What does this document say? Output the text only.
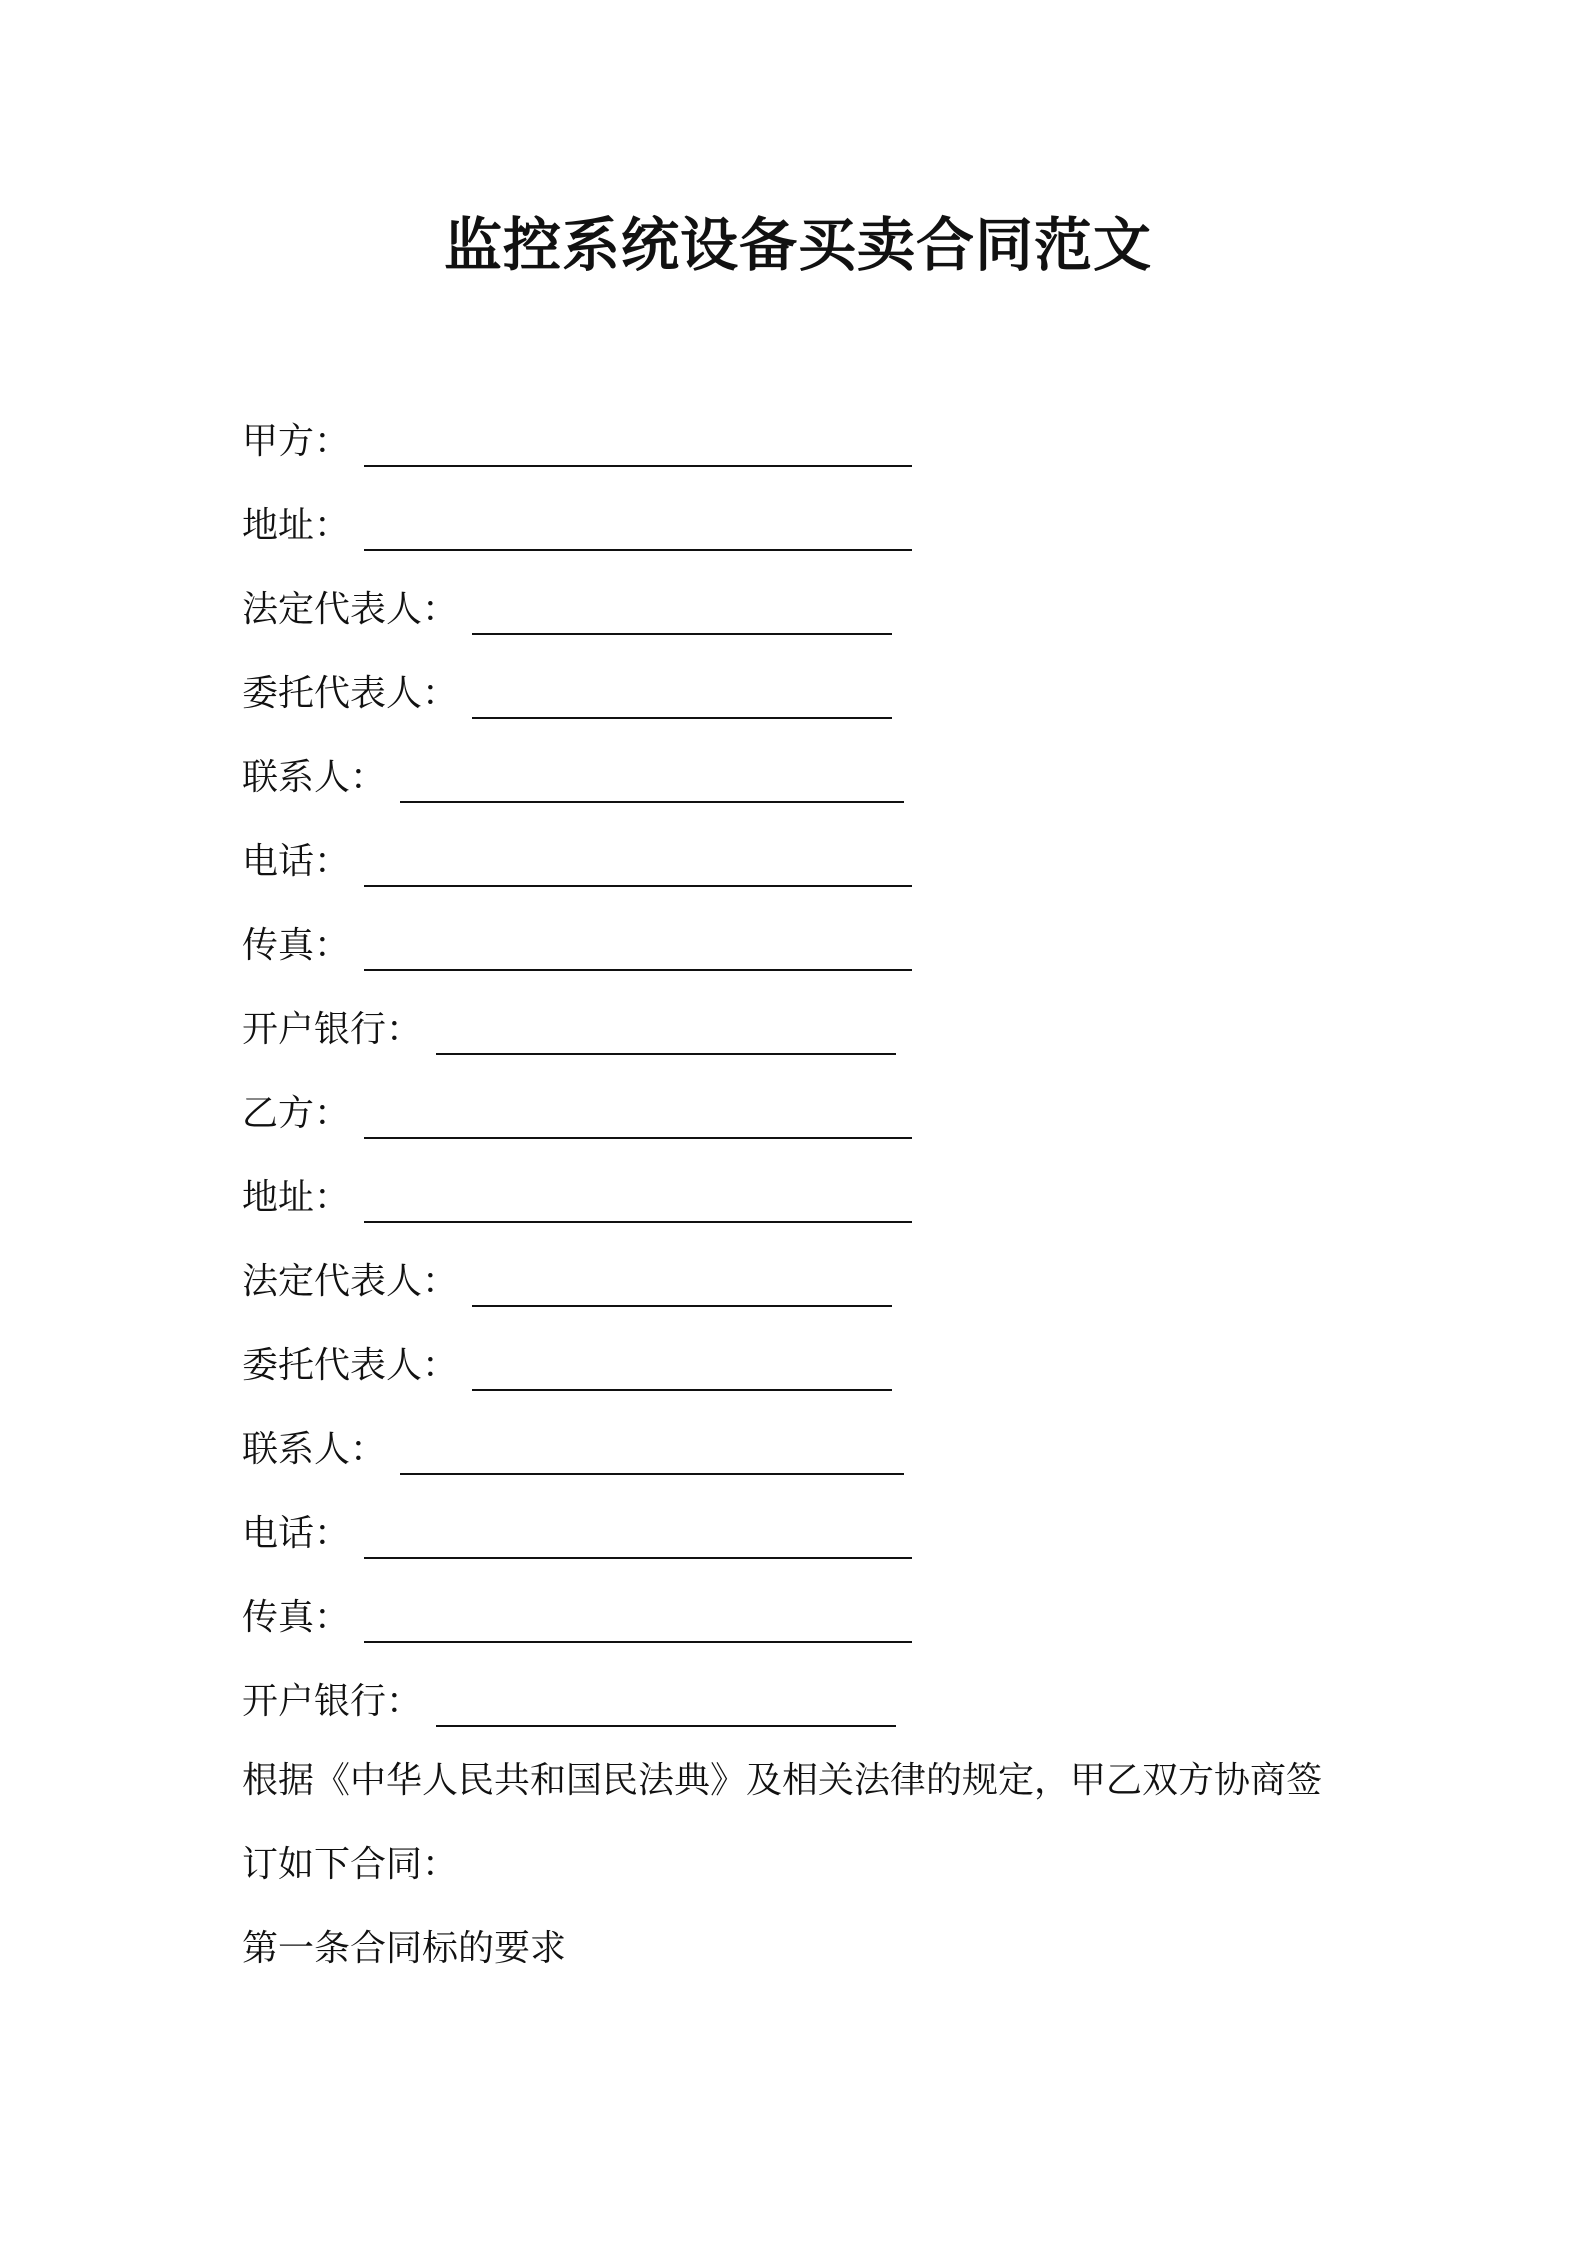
监控系统设备买卖合同范文
甲方：
地址：
法定代表人：
委托代表人：
联系人：
电话：
传真：
开户银行：
乙方：
地址：
法定代表人：
委托代表人：
联系人：
电话：
传真：
开户银行：
根据《中华人民共和国民法典》及相关法律的规定，甲乙双方协商签
订如下合同：
第一条合同标的要求
